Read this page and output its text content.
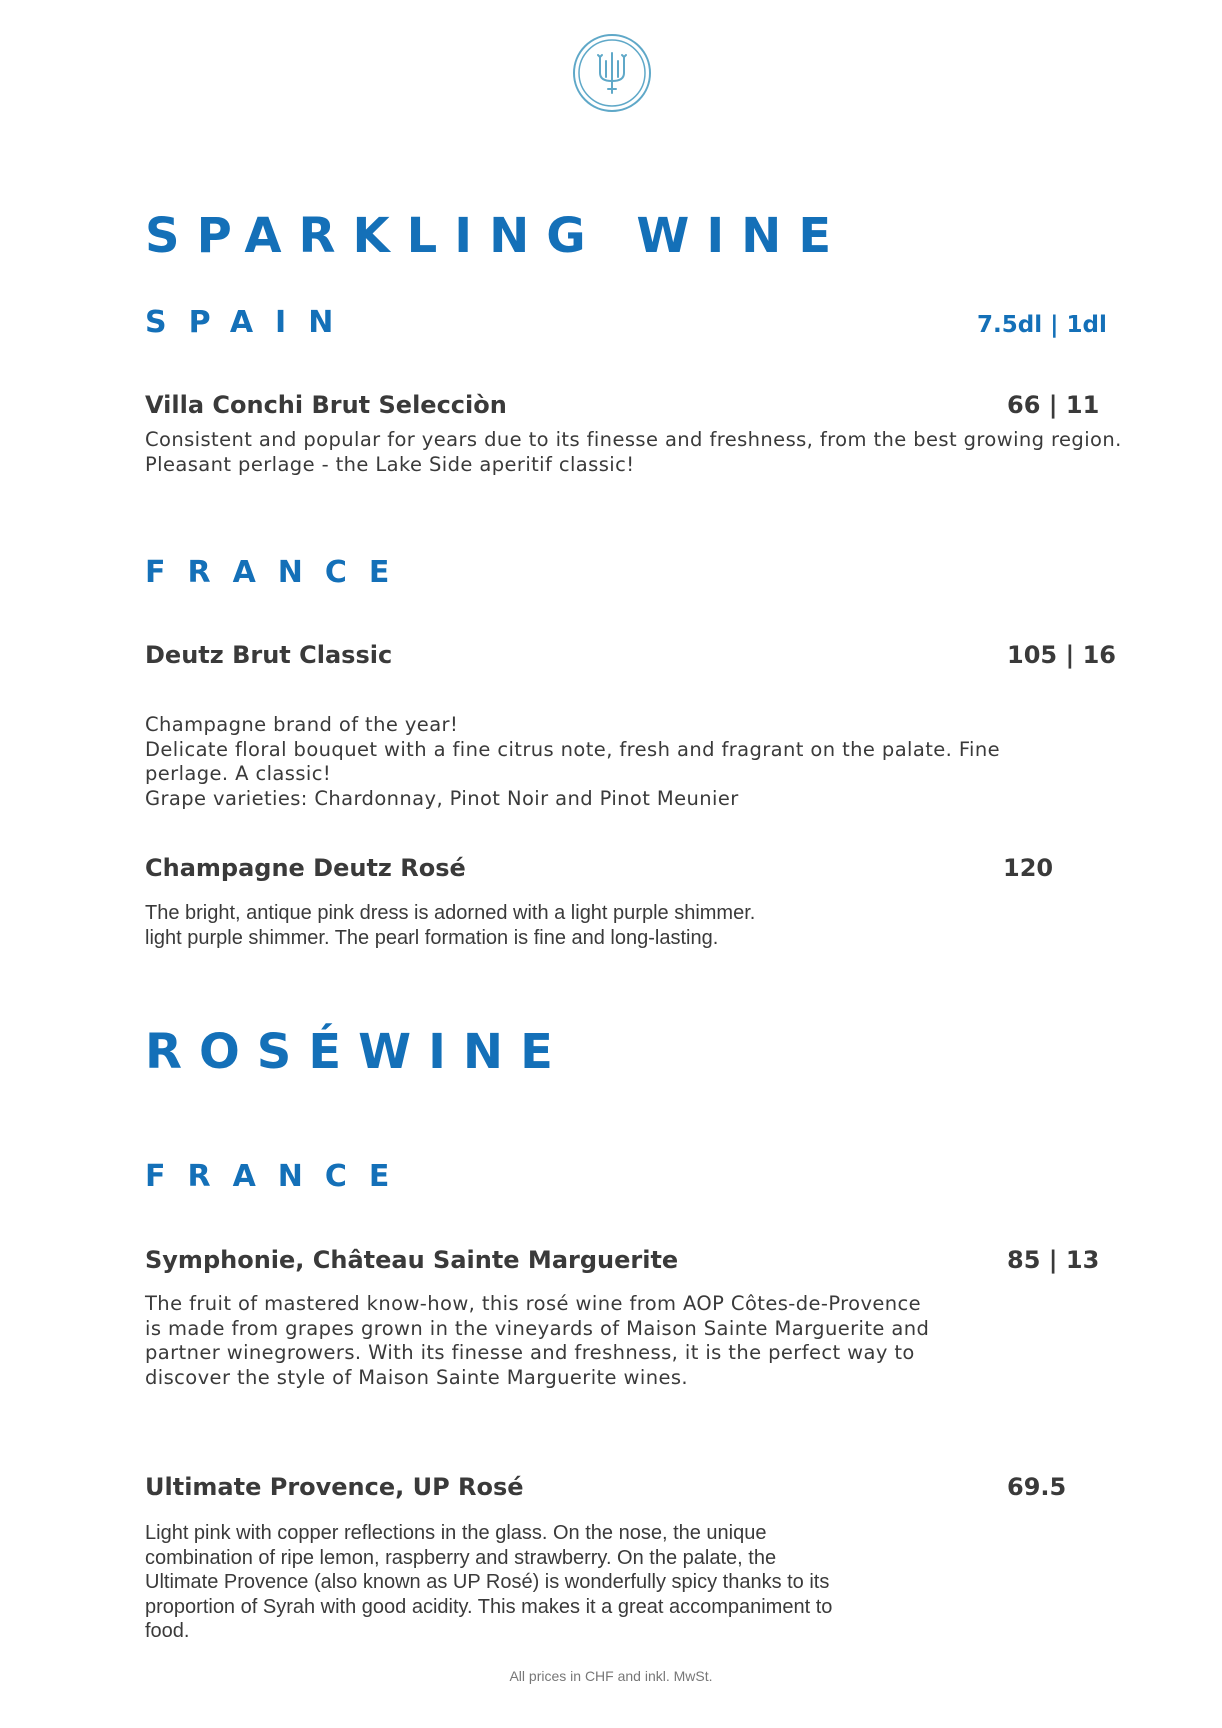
SPARKLING WINE
SPAIN	7.5dl | 1dl
Villa Conchi Brut Selecciòn	66 | 11
Consistent and popular for years due to its finesse and freshness, from the best growing region.
Pleasant perlage - the Lake Side aperitif classic!
FRANCE
Deutz Brut Classic	105 | 16
Champagne brand of the year!
Delicate floral bouquet with a fine citrus note, fresh and fragrant on the palate. Fine
perlage. A classic!
Grape varieties: Chardonnay, Pinot Noir and Pinot Meunier
Champagne Deutz Rosé	120
The bright, antique pink dress is adorned with a light purple shimmer.
light purple shimmer. The pearl formation is fine and long-lasting.
ROSÉWINE
FRANCE
Symphonie, Château Sainte Marguerite	85 | 13
The fruit of mastered know-how, this rosé wine from AOP Côtes-de-Provence
is made from grapes grown in the vineyards of Maison Sainte Marguerite and
partner winegrowers. With its finesse and freshness, it is the perfect way to
discover the style of Maison Sainte Marguerite wines.
Ultimate Provence, UP Rosé	69.5
Light pink with copper reflections in the glass. On the nose, the unique
combination of ripe lemon, raspberry and strawberry. On the palate, the
Ultimate Provence (also known as UP Rosé) is wonderfully spicy thanks to its
proportion of Syrah with good acidity. This makes it a great accompaniment to
food.
All prices in CHF and inkl. MwSt.
